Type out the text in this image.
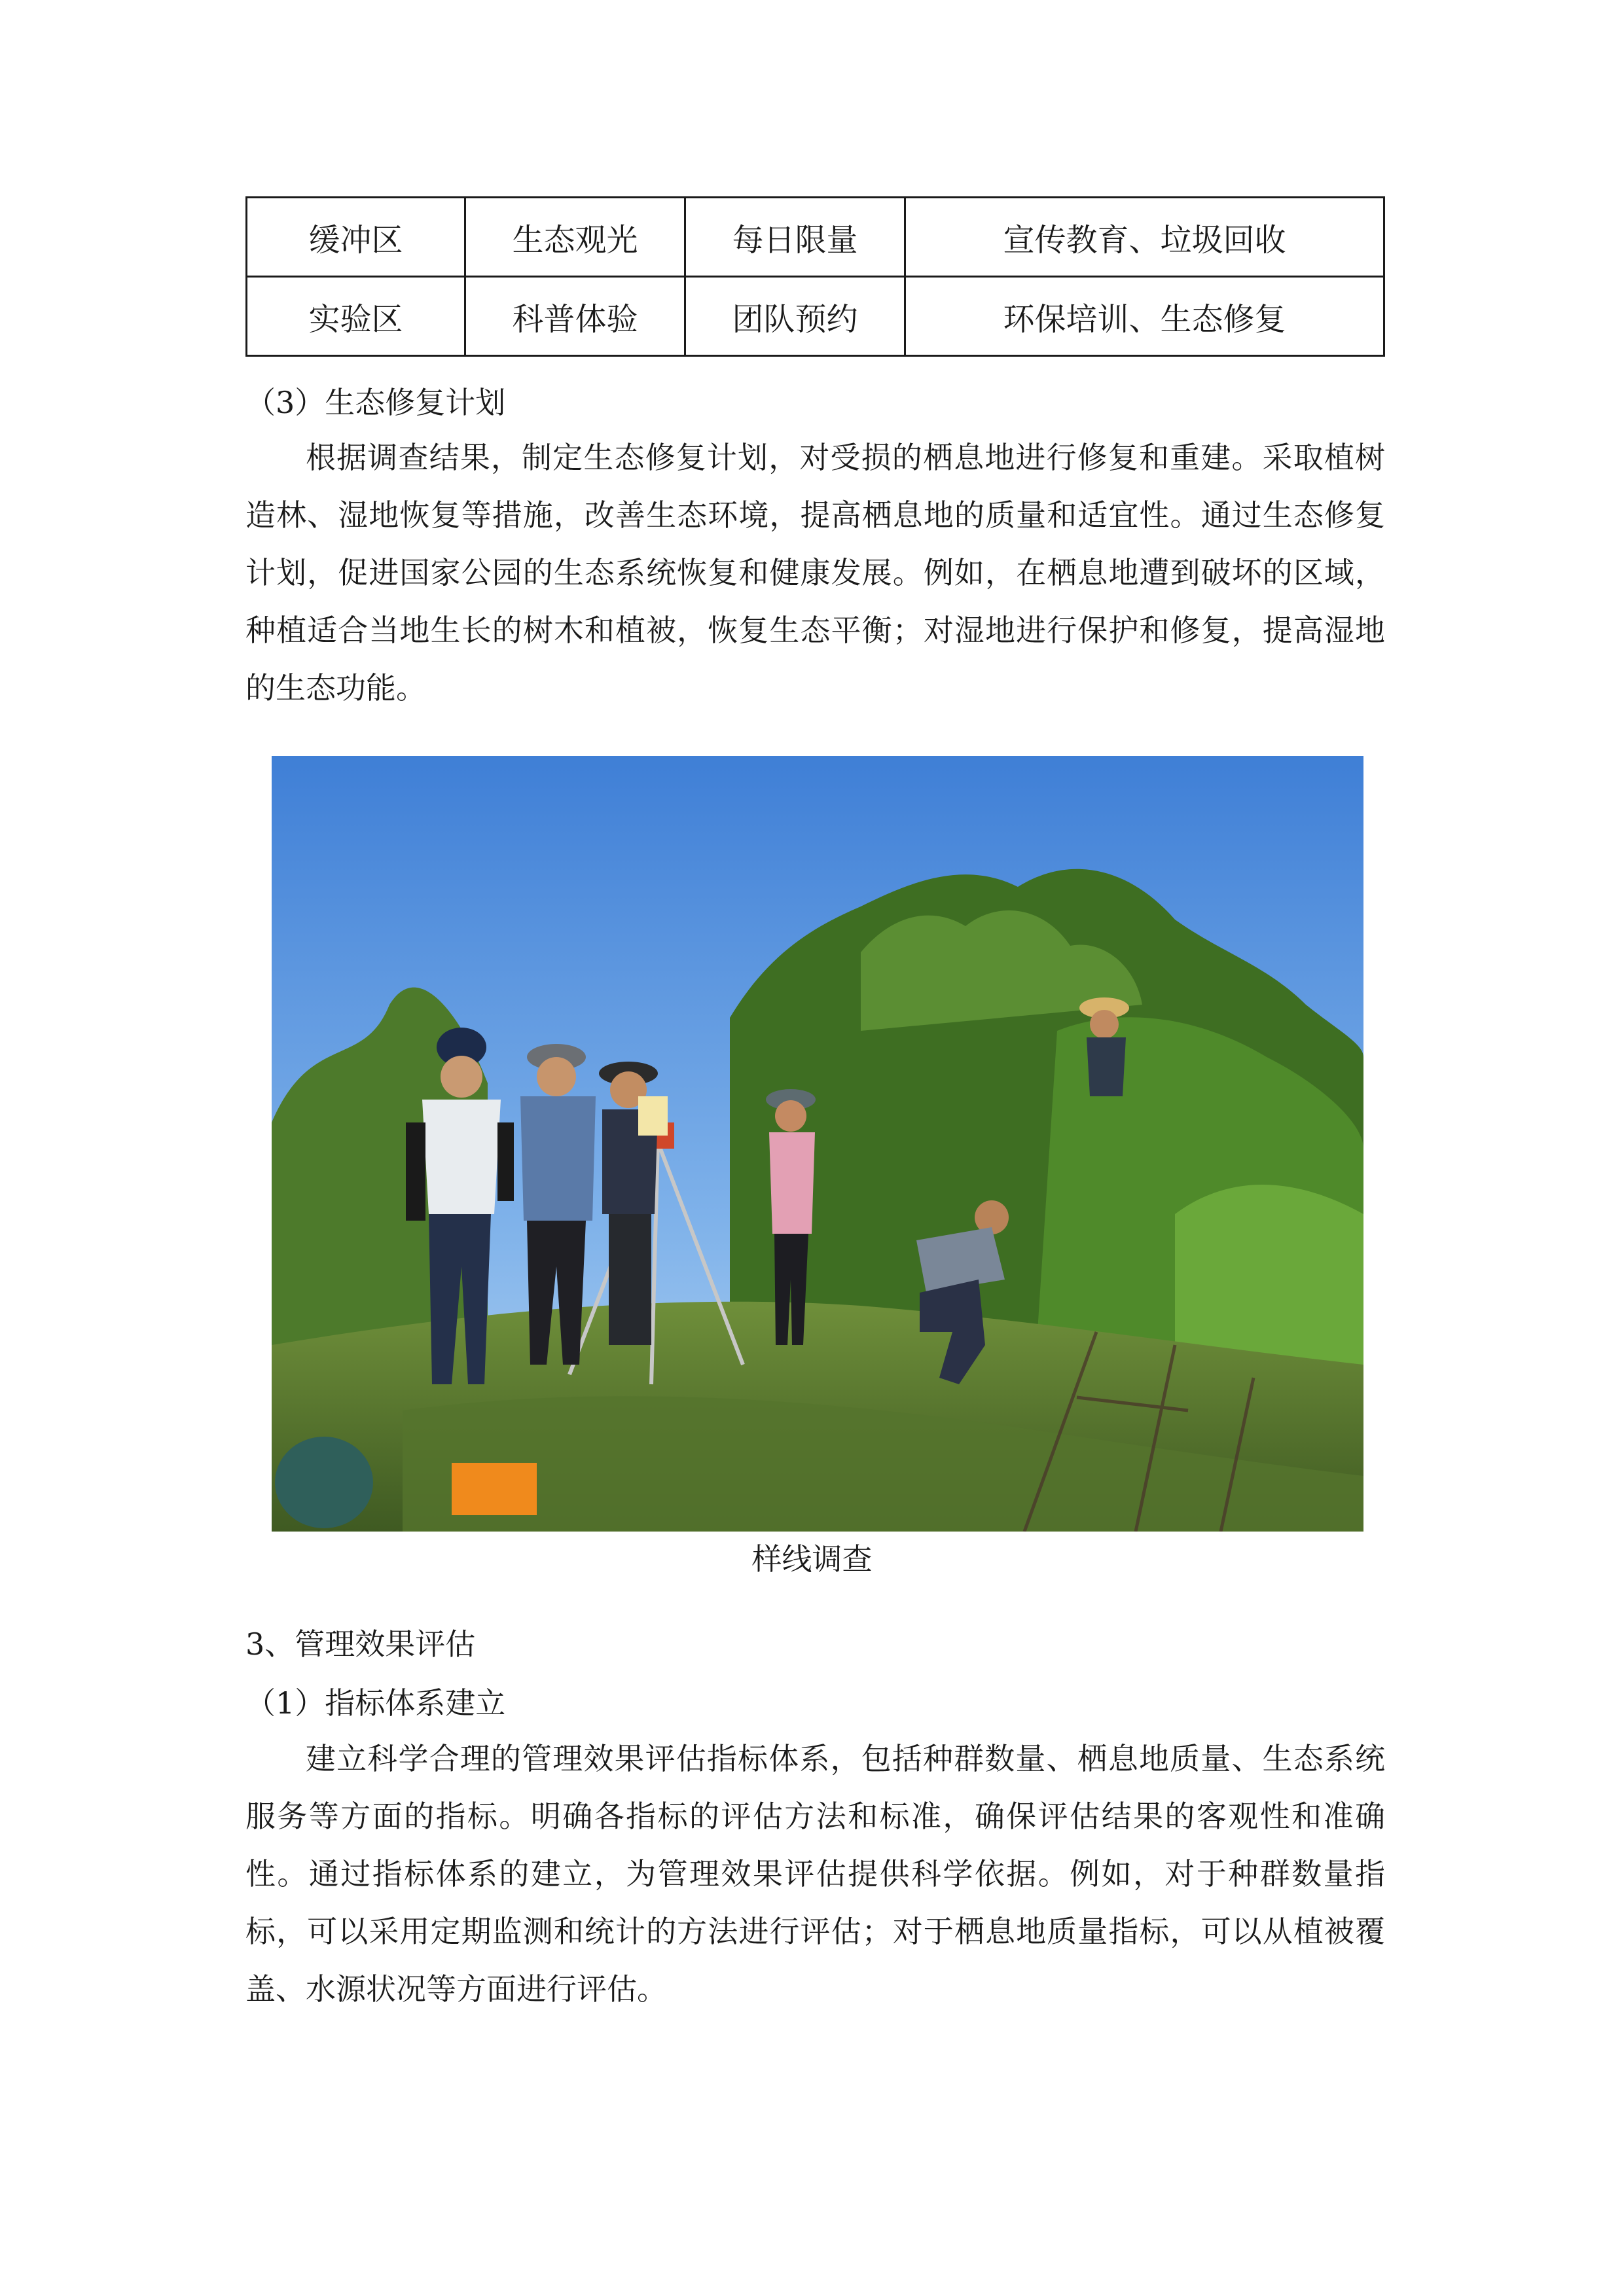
缓冲区	生态观光	每日限量	宣传教育、垃圾回收
实验区	科普体验	团队预约	环保培训、生态修复
（3）生态修复计划

根据调查结果，制定生态修复计划，对受损的栖息地进行修复和重建。采取植树造林、湿地恢复等措施，改善生态环境，提高栖息地的质量和适宜性。通过生态修复计划，促进国家公园的生态系统恢复和健康发展。例如，在栖息地遭到破坏的区域，种植适合当地生长的树木和植被，恢复生态平衡；对湿地进行保护和修复，提高湿地的生态功能。

样线调查
3、管理效果评估
（1）指标体系建立

建立科学合理的管理效果评估指标体系，包括种群数量、栖息地质量、生态系统服务等方面的指标。明确各指标的评估方法和标准，确保评估结果的客观性和准确性。通过指标体系的建立，为管理效果评估提供科学依据。例如，对于种群数量指标，可以采用定期监测和统计的方法进行评估；对于栖息地质量指标，可以从植被覆盖、水源状况等方面进行评估。
